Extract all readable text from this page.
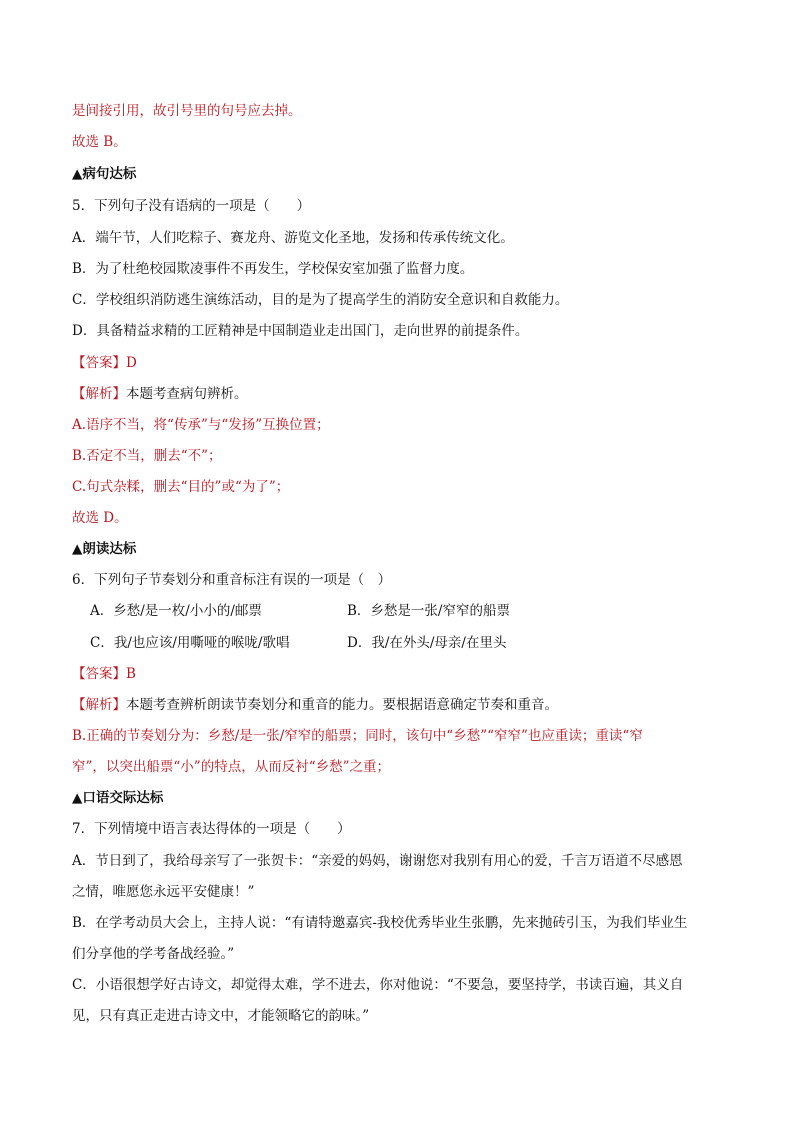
是间接引用，故引号里的句号应去掉。
故选 B。
▲病句达标
5．下列句子没有语病的一项是（　　）
A．端午节，人们吃粽子、赛龙舟、游览文化圣地，发扬和传承传统文化。
B．为了杜绝校园欺凌事件不再发生，学校保安室加强了监督力度。
C．学校组织消防逃生演练活动，目的是为了提高学生的消防安全意识和自救能力。
D．具备精益求精的工匠精神是中国制造业走出国门，走向世界的前提条件。
【答案】D
【解析】本题考查病句辨析。
A.语序不当，将“传承”与“发扬”互换位置；
B.否定不当，删去“不”；
C.句式杂糅，删去“目的”或“为了”；
故选 D。
▲朗读达标
6．下列句子节奏划分和重音标注有误的一项是（　）
A．乡愁/是一枚/小小的/邮票	B．乡愁是一张/窄窄的船票
C．我/也应该/用嘶哑的喉咙/歌唱	D．我/在外头/母亲/在里头
【答案】B
【解析】本题考查辨析朗读节奏划分和重音的能力。要根据语意确定节奏和重音。
B.正确的节奏划分为：乡愁/是一张/窄窄的船票；同时，该句中“乡愁”“窄窄”也应重读；重读“窄
窄”，以突出船票“小”的特点，从而反衬“乡愁”之重；
▲口语交际达标
7．下列情境中语言表达得体的一项是（　　）
A．节日到了，我给母亲写了一张贺卡：“亲爱的妈妈，谢谢您对我别有用心的爱，千言万语道不尽感恩
之情，唯愿您永远平安健康！”
B．在学考动员大会上，主持人说：“有请特邀嘉宾-我校优秀毕业生张鹏，先来抛砖引玉，为我们毕业生
们分享他的学考备战经验。”
C．小语很想学好古诗文，却觉得太难，学不进去，你对他说：“不要急，要坚持学，书读百遍，其义自
见，只有真正走进古诗文中，才能领略它的韵味。”
